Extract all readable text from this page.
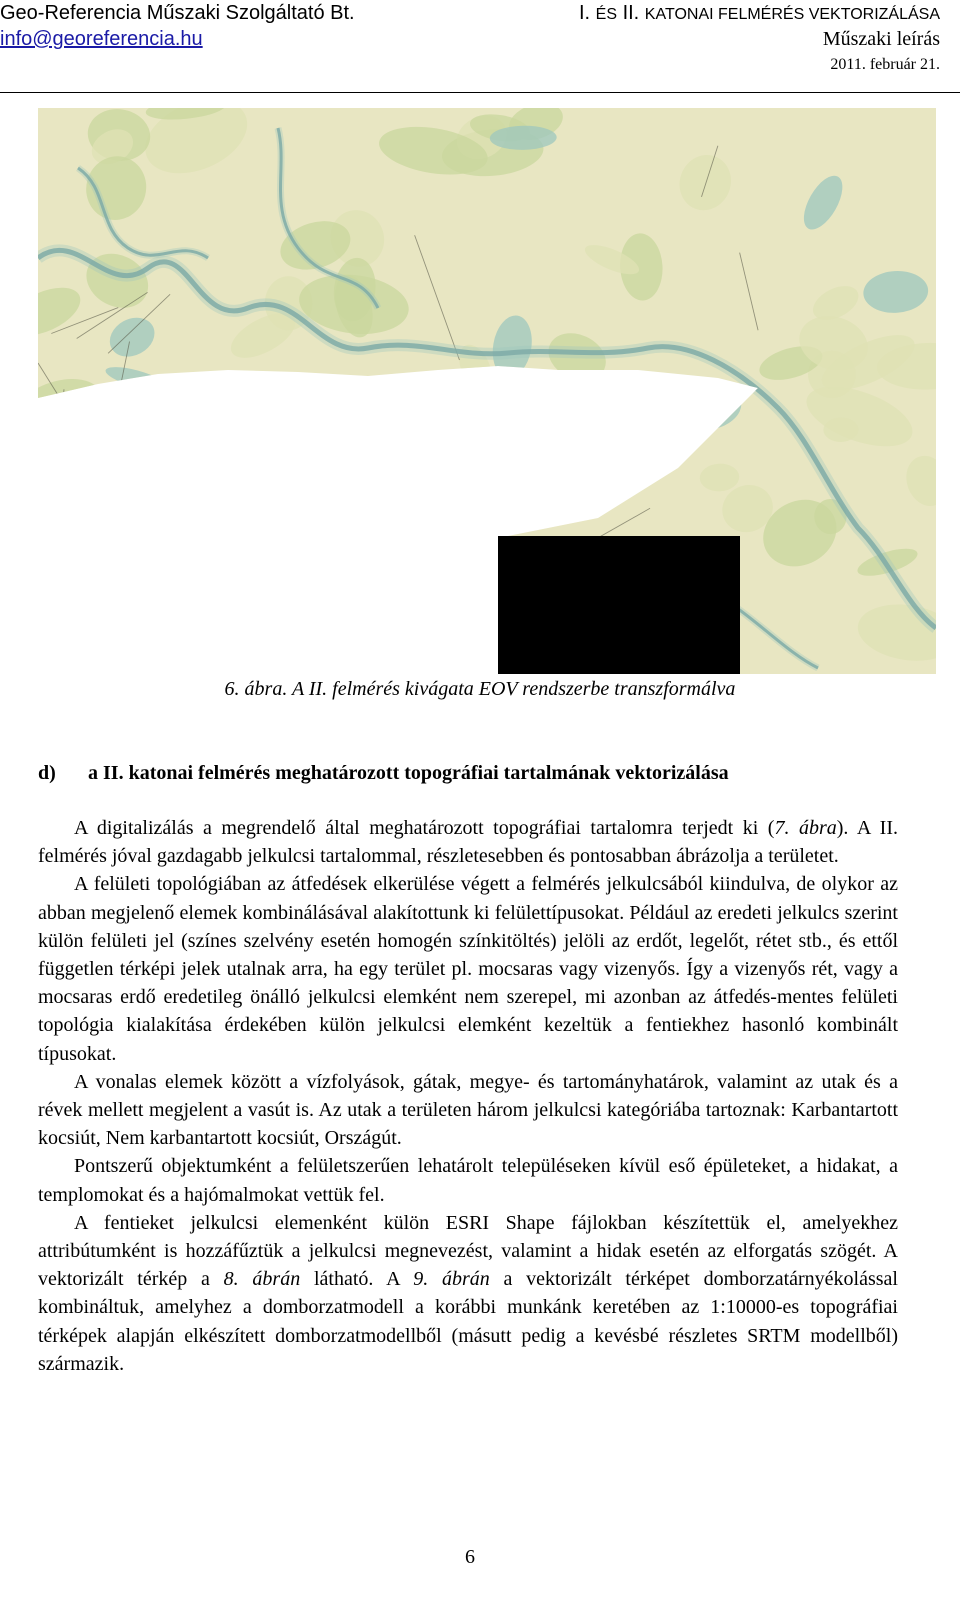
Geo-Referencia Műszaki Szolgáltató Bt.
info@georeferencia.hu
I. ÉS II. KATONAI FELMÉRÉS VEKTORIZÁLÁSA
Műszaki leírás
2011. február 21.
6. ábra. A II. felmérés kivágata EOV rendszerbe transzformálva
d) a II. katonai felmérés meghatározott topográfiai tartalmának vektorizálása

A digitalizálás a megrendelő által meghatározott topográfiai tartalomra terjedt ki (7. ábra). A II. felmérés jóval gazdagabb jelkulcsi tartalommal, részletesebben és pontosabban ábrázolja a területet.

A felületi topológiában az átfedések elkerülése végett a felmérés jelkulcsából kiindulva, de olykor az abban megjelenő elemek kombinálásával alakítottunk ki felülettípusokat. Például az eredeti jelkulcs szerint külön felületi jel (színes szelvény esetén homogén színkitöltés) jelöli az erdőt, legelőt, rétet stb., és ettől független térképi jelek utalnak arra, ha egy terület pl. mocsaras vagy vizenyős. Így a vizenyős rét, vagy a mocsaras erdő eredetileg önálló jelkulcsi elemként nem szerepel, mi azonban az átfedés-mentes felületi topológia kialakítása érdekében külön jelkulcsi elemként kezeltük a fentiekhez hasonló kombinált típusokat.

A vonalas elemek között a vízfolyások, gátak, megye- és tartományhatárok, valamint az utak és a révek mellett megjelent a vasút is. Az utak a területen három jelkulcsi kategóriába tartoznak: Karbantartott kocsiút, Nem karbantartott kocsiút, Országút.

Pontszerű objektumként a felületszerűen lehatárolt településeken kívül eső épületeket, a hidakat, a templomokat és a hajómalmokat vettük fel.

A fentieket jelkulcsi elemenként külön ESRI Shape fájlokban készítettük el, amelyekhez attribútumként is hozzáfűztük a jelkulcsi megnevezést, valamint a hidak esetén az elforgatás szögét. A vektorizált térkép a 8. ábrán látható. A 9. ábrán a vektorizált térképet domborzatárnyékolással kombináltuk, amelyhez a domborzatmodell a korábbi munkánk keretében az 1:10000-es topográfiai térképek alapján elkészített domborzatmodellből (másutt pedig a kevésbé részletes SRTM modellből) származik.

6
